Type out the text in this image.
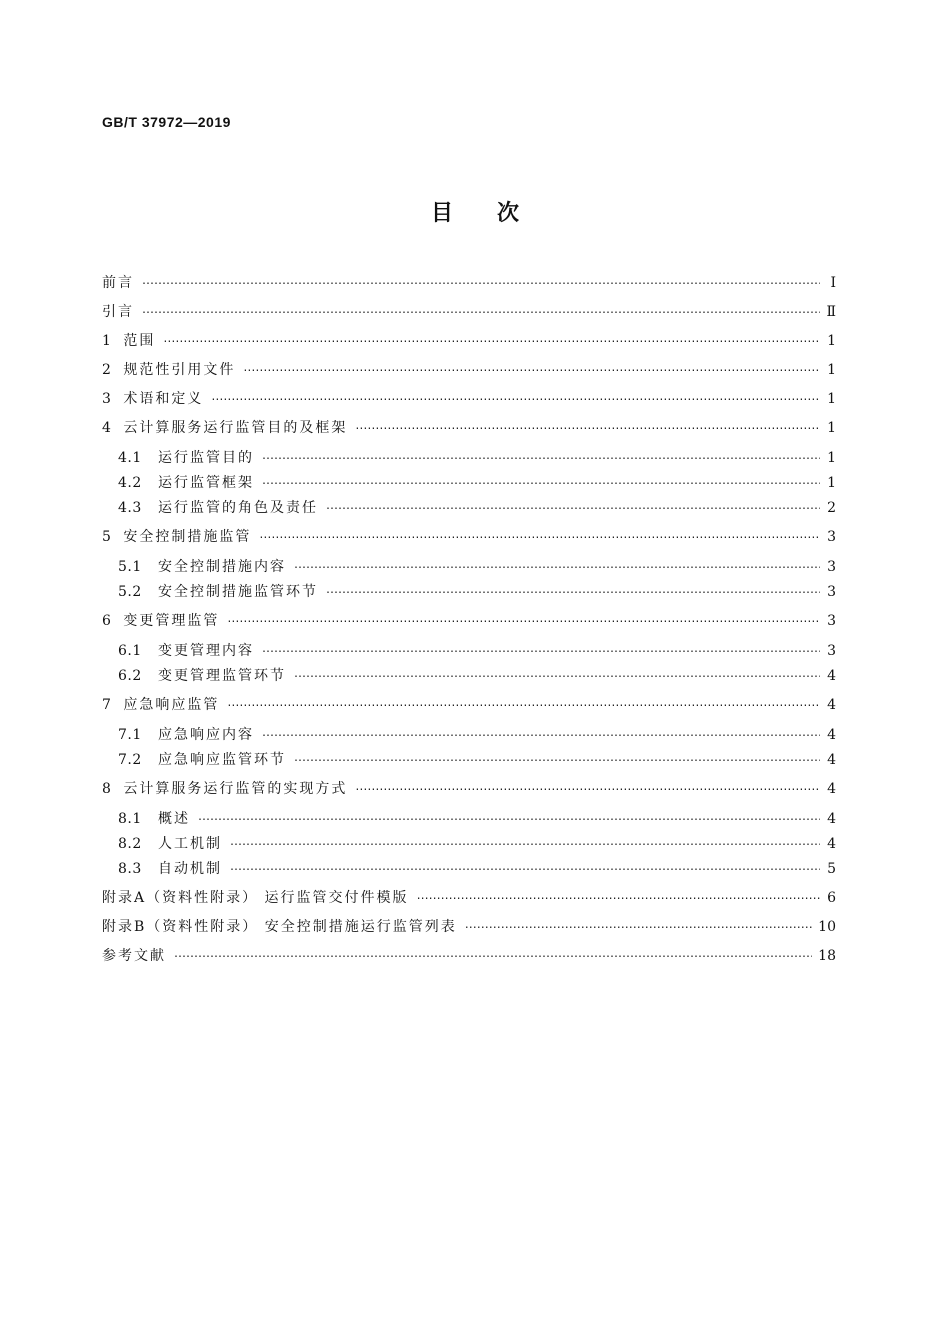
GB/T 37972—2019
目次
前言 ⋯⋯⋯⋯⋯⋯⋯⋯⋯⋯⋯⋯⋯⋯⋯⋯⋯⋯⋯⋯⋯⋯⋯⋯⋯⋯⋯⋯⋯⋯⋯⋯⋯⋯⋯⋯⋯⋯⋯⋯⋯⋯⋯⋯⋯⋯⋯⋯⋯⋯⋯⋯⋯⋯⋯⋯⋯⋯⋯⋯⋯⋯⋯⋯⋯⋯⋯⋯⋯⋯	Ⅰ
引言 ⋯⋯⋯⋯⋯⋯⋯⋯⋯⋯⋯⋯⋯⋯⋯⋯⋯⋯⋯⋯⋯⋯⋯⋯⋯⋯⋯⋯⋯⋯⋯⋯⋯⋯⋯⋯⋯⋯⋯⋯⋯⋯⋯⋯⋯⋯⋯⋯⋯⋯⋯⋯⋯⋯⋯⋯⋯⋯⋯⋯⋯⋯⋯⋯⋯⋯⋯⋯⋯⋯	Ⅱ
1 范围 ⋯⋯⋯⋯⋯⋯⋯⋯⋯⋯⋯⋯⋯⋯⋯⋯⋯⋯⋯⋯⋯⋯⋯⋯⋯⋯⋯⋯⋯⋯⋯⋯⋯⋯⋯⋯⋯⋯⋯⋯⋯⋯⋯⋯⋯⋯⋯⋯⋯⋯⋯⋯⋯⋯⋯⋯⋯⋯⋯⋯⋯⋯⋯⋯⋯⋯⋯⋯⋯⋯	1
2 规范性引用文件 ⋯⋯⋯⋯⋯⋯⋯⋯⋯⋯⋯⋯⋯⋯⋯⋯⋯⋯⋯⋯⋯⋯⋯⋯⋯⋯⋯⋯⋯⋯⋯⋯⋯⋯⋯⋯⋯⋯⋯⋯⋯⋯⋯⋯⋯⋯⋯⋯⋯⋯⋯⋯⋯⋯⋯⋯⋯⋯⋯⋯⋯⋯⋯⋯⋯⋯⋯⋯⋯⋯	1
3 术语和定义 ⋯⋯⋯⋯⋯⋯⋯⋯⋯⋯⋯⋯⋯⋯⋯⋯⋯⋯⋯⋯⋯⋯⋯⋯⋯⋯⋯⋯⋯⋯⋯⋯⋯⋯⋯⋯⋯⋯⋯⋯⋯⋯⋯⋯⋯⋯⋯⋯⋯⋯⋯⋯⋯⋯⋯⋯⋯⋯⋯⋯⋯⋯⋯⋯⋯⋯⋯⋯⋯⋯	1
4 云计算服务运行监管目的及框架 ⋯⋯⋯⋯⋯⋯⋯⋯⋯⋯⋯⋯⋯⋯⋯⋯⋯⋯⋯⋯⋯⋯⋯⋯⋯⋯⋯⋯⋯⋯⋯⋯⋯⋯⋯⋯⋯⋯⋯⋯⋯⋯⋯⋯⋯⋯⋯⋯⋯⋯⋯⋯⋯⋯⋯⋯⋯⋯⋯⋯⋯⋯⋯⋯⋯⋯⋯⋯⋯⋯	1
4.1	运行监管目的 ⋯⋯⋯⋯⋯⋯⋯⋯⋯⋯⋯⋯⋯⋯⋯⋯⋯⋯⋯⋯⋯⋯⋯⋯⋯⋯⋯⋯⋯⋯⋯⋯⋯⋯⋯⋯⋯⋯⋯⋯⋯⋯⋯⋯⋯⋯⋯⋯⋯⋯⋯⋯⋯⋯⋯⋯⋯⋯⋯⋯⋯⋯⋯⋯⋯⋯⋯⋯⋯⋯	1
4.2	运行监管框架 ⋯⋯⋯⋯⋯⋯⋯⋯⋯⋯⋯⋯⋯⋯⋯⋯⋯⋯⋯⋯⋯⋯⋯⋯⋯⋯⋯⋯⋯⋯⋯⋯⋯⋯⋯⋯⋯⋯⋯⋯⋯⋯⋯⋯⋯⋯⋯⋯⋯⋯⋯⋯⋯⋯⋯⋯⋯⋯⋯⋯⋯⋯⋯⋯⋯⋯⋯⋯⋯⋯	1
4.3	运行监管的角色及责任 ⋯⋯⋯⋯⋯⋯⋯⋯⋯⋯⋯⋯⋯⋯⋯⋯⋯⋯⋯⋯⋯⋯⋯⋯⋯⋯⋯⋯⋯⋯⋯⋯⋯⋯⋯⋯⋯⋯⋯⋯⋯⋯⋯⋯⋯⋯⋯⋯⋯⋯⋯⋯⋯⋯⋯⋯⋯⋯⋯⋯⋯⋯⋯⋯⋯⋯⋯⋯⋯⋯	2
5 安全控制措施监管 ⋯⋯⋯⋯⋯⋯⋯⋯⋯⋯⋯⋯⋯⋯⋯⋯⋯⋯⋯⋯⋯⋯⋯⋯⋯⋯⋯⋯⋯⋯⋯⋯⋯⋯⋯⋯⋯⋯⋯⋯⋯⋯⋯⋯⋯⋯⋯⋯⋯⋯⋯⋯⋯⋯⋯⋯⋯⋯⋯⋯⋯⋯⋯⋯⋯⋯⋯⋯⋯⋯	3
5.1	安全控制措施内容 ⋯⋯⋯⋯⋯⋯⋯⋯⋯⋯⋯⋯⋯⋯⋯⋯⋯⋯⋯⋯⋯⋯⋯⋯⋯⋯⋯⋯⋯⋯⋯⋯⋯⋯⋯⋯⋯⋯⋯⋯⋯⋯⋯⋯⋯⋯⋯⋯⋯⋯⋯⋯⋯⋯⋯⋯⋯⋯⋯⋯⋯⋯⋯⋯⋯⋯⋯⋯⋯⋯	3
5.2	安全控制措施监管环节 ⋯⋯⋯⋯⋯⋯⋯⋯⋯⋯⋯⋯⋯⋯⋯⋯⋯⋯⋯⋯⋯⋯⋯⋯⋯⋯⋯⋯⋯⋯⋯⋯⋯⋯⋯⋯⋯⋯⋯⋯⋯⋯⋯⋯⋯⋯⋯⋯⋯⋯⋯⋯⋯⋯⋯⋯⋯⋯⋯⋯⋯⋯⋯⋯⋯⋯⋯⋯⋯⋯	3
6 变更管理监管 ⋯⋯⋯⋯⋯⋯⋯⋯⋯⋯⋯⋯⋯⋯⋯⋯⋯⋯⋯⋯⋯⋯⋯⋯⋯⋯⋯⋯⋯⋯⋯⋯⋯⋯⋯⋯⋯⋯⋯⋯⋯⋯⋯⋯⋯⋯⋯⋯⋯⋯⋯⋯⋯⋯⋯⋯⋯⋯⋯⋯⋯⋯⋯⋯⋯⋯⋯⋯⋯⋯	3
6.1	变更管理内容 ⋯⋯⋯⋯⋯⋯⋯⋯⋯⋯⋯⋯⋯⋯⋯⋯⋯⋯⋯⋯⋯⋯⋯⋯⋯⋯⋯⋯⋯⋯⋯⋯⋯⋯⋯⋯⋯⋯⋯⋯⋯⋯⋯⋯⋯⋯⋯⋯⋯⋯⋯⋯⋯⋯⋯⋯⋯⋯⋯⋯⋯⋯⋯⋯⋯⋯⋯⋯⋯⋯	3
6.2	变更管理监管环节 ⋯⋯⋯⋯⋯⋯⋯⋯⋯⋯⋯⋯⋯⋯⋯⋯⋯⋯⋯⋯⋯⋯⋯⋯⋯⋯⋯⋯⋯⋯⋯⋯⋯⋯⋯⋯⋯⋯⋯⋯⋯⋯⋯⋯⋯⋯⋯⋯⋯⋯⋯⋯⋯⋯⋯⋯⋯⋯⋯⋯⋯⋯⋯⋯⋯⋯⋯⋯⋯⋯	4
7 应急响应监管 ⋯⋯⋯⋯⋯⋯⋯⋯⋯⋯⋯⋯⋯⋯⋯⋯⋯⋯⋯⋯⋯⋯⋯⋯⋯⋯⋯⋯⋯⋯⋯⋯⋯⋯⋯⋯⋯⋯⋯⋯⋯⋯⋯⋯⋯⋯⋯⋯⋯⋯⋯⋯⋯⋯⋯⋯⋯⋯⋯⋯⋯⋯⋯⋯⋯⋯⋯⋯⋯⋯	4
7.1	应急响应内容 ⋯⋯⋯⋯⋯⋯⋯⋯⋯⋯⋯⋯⋯⋯⋯⋯⋯⋯⋯⋯⋯⋯⋯⋯⋯⋯⋯⋯⋯⋯⋯⋯⋯⋯⋯⋯⋯⋯⋯⋯⋯⋯⋯⋯⋯⋯⋯⋯⋯⋯⋯⋯⋯⋯⋯⋯⋯⋯⋯⋯⋯⋯⋯⋯⋯⋯⋯⋯⋯⋯	4
7.2	应急响应监管环节 ⋯⋯⋯⋯⋯⋯⋯⋯⋯⋯⋯⋯⋯⋯⋯⋯⋯⋯⋯⋯⋯⋯⋯⋯⋯⋯⋯⋯⋯⋯⋯⋯⋯⋯⋯⋯⋯⋯⋯⋯⋯⋯⋯⋯⋯⋯⋯⋯⋯⋯⋯⋯⋯⋯⋯⋯⋯⋯⋯⋯⋯⋯⋯⋯⋯⋯⋯⋯⋯⋯	4
8 云计算服务运行监管的实现方式 ⋯⋯⋯⋯⋯⋯⋯⋯⋯⋯⋯⋯⋯⋯⋯⋯⋯⋯⋯⋯⋯⋯⋯⋯⋯⋯⋯⋯⋯⋯⋯⋯⋯⋯⋯⋯⋯⋯⋯⋯⋯⋯⋯⋯⋯⋯⋯⋯⋯⋯⋯⋯⋯⋯⋯⋯⋯⋯⋯⋯⋯⋯⋯⋯⋯⋯⋯⋯⋯⋯	4
8.1	概述 ⋯⋯⋯⋯⋯⋯⋯⋯⋯⋯⋯⋯⋯⋯⋯⋯⋯⋯⋯⋯⋯⋯⋯⋯⋯⋯⋯⋯⋯⋯⋯⋯⋯⋯⋯⋯⋯⋯⋯⋯⋯⋯⋯⋯⋯⋯⋯⋯⋯⋯⋯⋯⋯⋯⋯⋯⋯⋯⋯⋯⋯⋯⋯⋯⋯⋯⋯⋯⋯⋯	4
8.2	人工机制 ⋯⋯⋯⋯⋯⋯⋯⋯⋯⋯⋯⋯⋯⋯⋯⋯⋯⋯⋯⋯⋯⋯⋯⋯⋯⋯⋯⋯⋯⋯⋯⋯⋯⋯⋯⋯⋯⋯⋯⋯⋯⋯⋯⋯⋯⋯⋯⋯⋯⋯⋯⋯⋯⋯⋯⋯⋯⋯⋯⋯⋯⋯⋯⋯⋯⋯⋯⋯⋯⋯	4
8.3	自动机制 ⋯⋯⋯⋯⋯⋯⋯⋯⋯⋯⋯⋯⋯⋯⋯⋯⋯⋯⋯⋯⋯⋯⋯⋯⋯⋯⋯⋯⋯⋯⋯⋯⋯⋯⋯⋯⋯⋯⋯⋯⋯⋯⋯⋯⋯⋯⋯⋯⋯⋯⋯⋯⋯⋯⋯⋯⋯⋯⋯⋯⋯⋯⋯⋯⋯⋯⋯⋯⋯⋯	5
附录A（资料性附录） 运行监管交付件模版 ⋯⋯⋯⋯⋯⋯⋯⋯⋯⋯⋯⋯⋯⋯⋯⋯⋯⋯⋯⋯⋯⋯⋯⋯⋯⋯⋯⋯⋯⋯⋯⋯⋯⋯⋯⋯⋯⋯⋯⋯⋯⋯⋯⋯⋯⋯⋯⋯⋯⋯⋯⋯⋯⋯⋯⋯⋯⋯⋯⋯⋯⋯⋯⋯⋯⋯⋯⋯⋯⋯	6
附录B（资料性附录） 安全控制措施运行监管列表 ⋯⋯⋯⋯⋯⋯⋯⋯⋯⋯⋯⋯⋯⋯⋯⋯⋯⋯⋯⋯⋯⋯⋯⋯⋯⋯⋯⋯⋯⋯⋯⋯⋯⋯⋯⋯⋯⋯⋯⋯⋯⋯⋯⋯⋯⋯⋯⋯⋯⋯⋯⋯⋯⋯⋯⋯⋯⋯⋯⋯⋯⋯⋯⋯⋯⋯⋯⋯⋯⋯	10
参考文献 ⋯⋯⋯⋯⋯⋯⋯⋯⋯⋯⋯⋯⋯⋯⋯⋯⋯⋯⋯⋯⋯⋯⋯⋯⋯⋯⋯⋯⋯⋯⋯⋯⋯⋯⋯⋯⋯⋯⋯⋯⋯⋯⋯⋯⋯⋯⋯⋯⋯⋯⋯⋯⋯⋯⋯⋯⋯⋯⋯⋯⋯⋯⋯⋯⋯⋯⋯⋯⋯⋯	18
